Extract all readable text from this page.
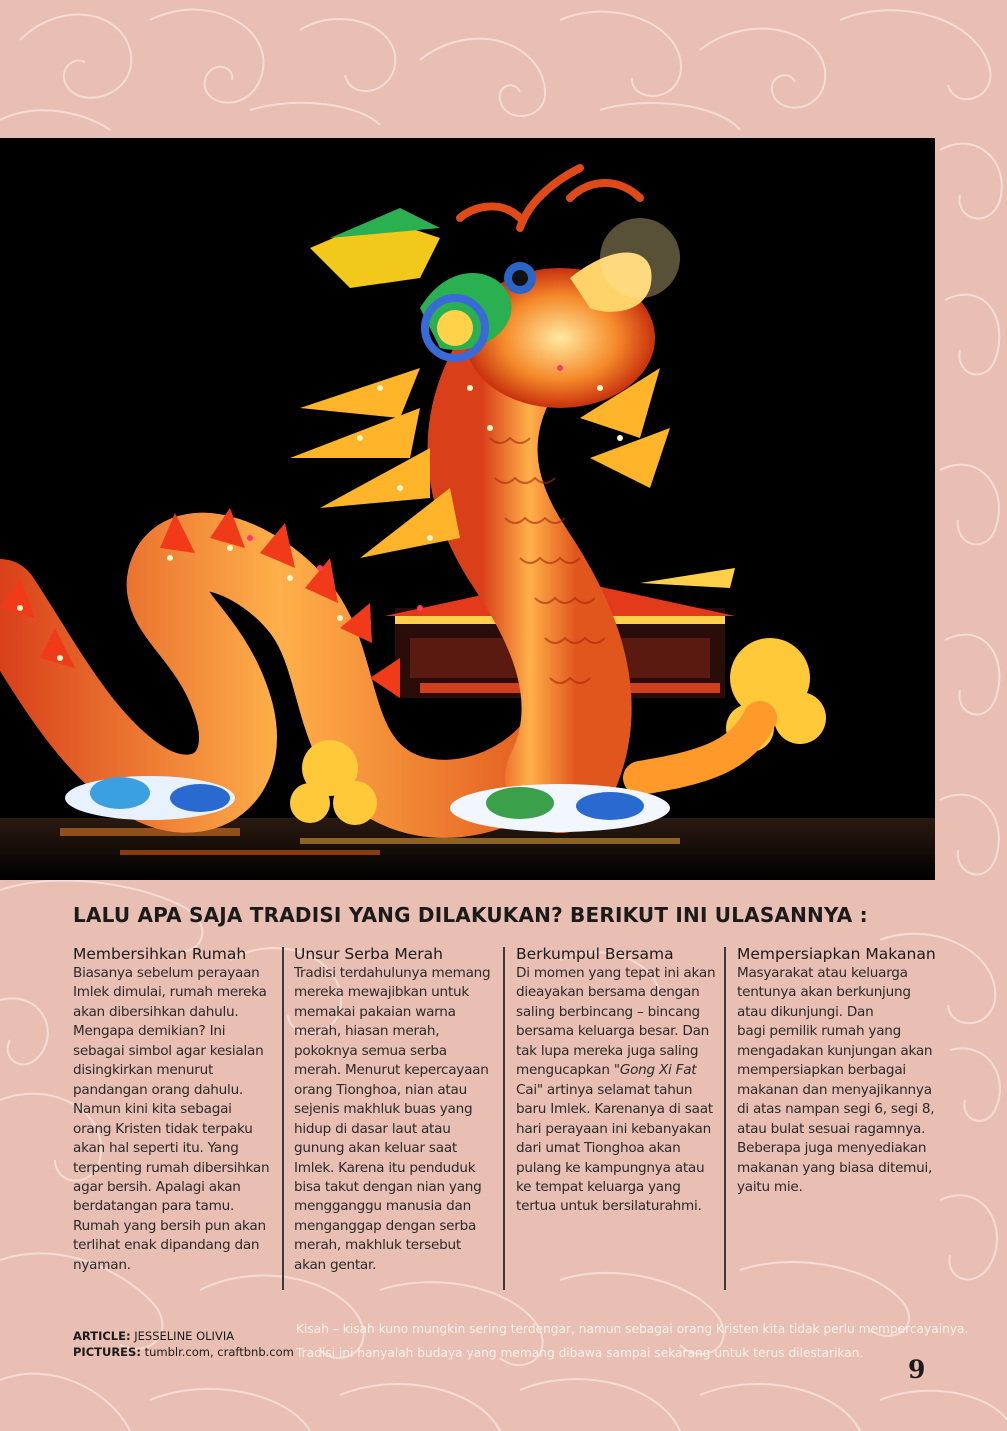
LALU APA SAJA TRADISI YANG DILAKUKAN? BERIKUT INI ULASANNYA :
Membersihkan Rumah

Biasanya sebelum perayaan
Imlek dimulai, rumah mereka
akan dibersihkan dahulu.
Mengapa demikian? Ini
sebagai simbol agar kesialan
disingkirkan menurut
pandangan orang dahulu.
Namun kini kita sebagai
orang Kristen tidak terpaku
akan hal seperti itu. Yang
terpenting rumah dibersihkan
agar bersih. Apalagi akan
berdatangan para tamu.
Rumah yang bersih pun akan
terlihat enak dipandang dan
nyaman.

Unsur Serba Merah

Tradisi terdahulunya memang
mereka mewajibkan untuk
memakai pakaian warna
merah, hiasan merah,
pokoknya semua serba
merah. Menurut kepercayaan
orang Tionghoa, nian atau
sejenis makhluk buas yang
hidup di dasar laut atau
gunung akan keluar saat
Imlek. Karena itu penduduk
bisa takut dengan nian yang
mengganggu manusia dan
menganggap dengan serba
merah, makhluk tersebut
akan gentar.

Berkumpul Bersama

Di momen yang tepat ini akan
dieayakan bersama dengan
saling berbincang – bincang
bersama keluarga besar. Dan
tak lupa mereka juga saling
mengucapkan "Gong Xi Fat
Cai" artinya selamat tahun
baru Imlek. Karenanya di saat
hari perayaan ini kebanyakan
dari umat Tionghoa akan
pulang ke kampungnya atau
ke tempat keluarga yang
tertua untuk bersilaturahmi.

Mempersiapkan Makanan

Masyarakat atau keluarga
tentunya akan berkunjung
atau dikunjungi. Dan
bagi pemilik rumah yang
mengadakan kunjungan akan
mempersiapkan berbagai
makanan dan menyajikannya
di atas nampan segi 6, segi 8,
atau bulat sesuai ragamnya.
Beberapa juga menyediakan
makanan yang biasa ditemui,
yaitu mie.

ARTICLE: JESSELINE OLIVIA
PICTURES: tumblr.com, craftbnb.com
Kisah – kisah kuno mungkin sering terdengar, namun sebagai orang Kristen kita tidak perlu mempercayainya.
Tradisi ini hanyalah budaya yang memang dibawa sampai sekarang untuk terus dilestarikan.
9
